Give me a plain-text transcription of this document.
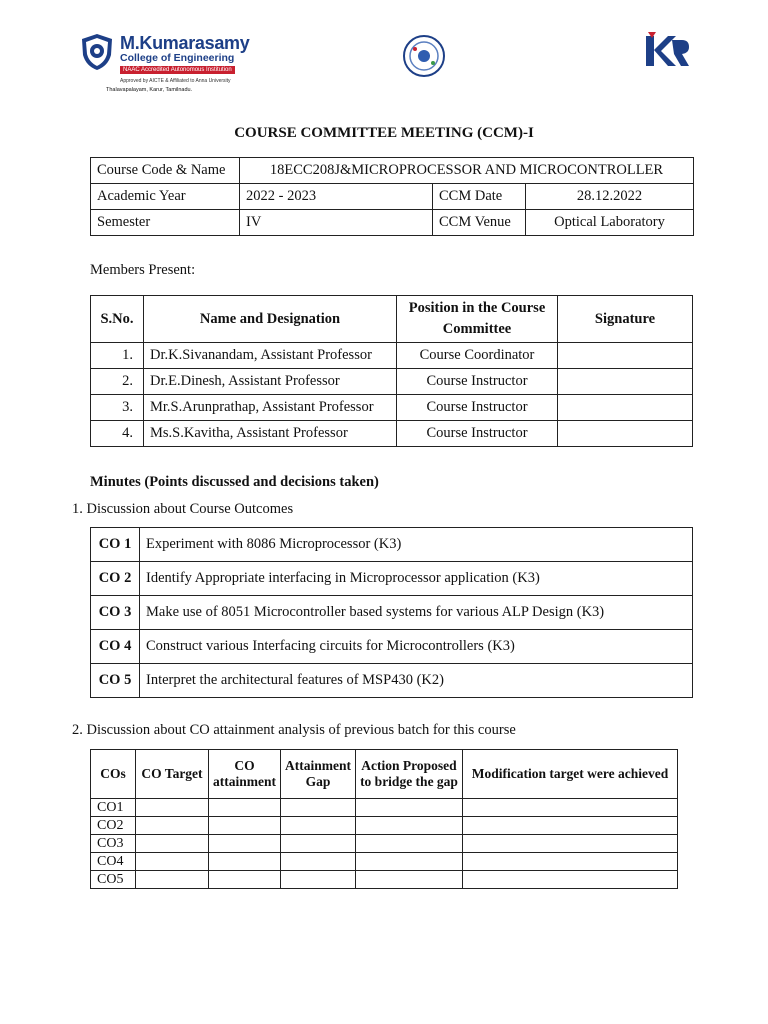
M.Kumarasamy
College of Engineering
NAAC Accredited Autonomous Institution
Approved by AICTE & Affiliated to Anna University
Thalavapalayam, Karur, Tamilnadu.
COURSE COMMITTEE MEETING (CCM)-I
Course Code & Name	18ECC208J&MICROPROCESSOR AND MICROCONTROLLER		
Academic Year	2022 - 2023	CCM Date	28.12.2022
Semester	IV	CCM Venue	Optical Laboratory
Members Present:
S.No.	Name and Designation	Position in the Course Committee	Signature
1.	Dr.K.Sivanandam, Assistant Professor	Course Coordinator	
2.	Dr.E.Dinesh, Assistant Professor	Course Instructor	
3.	Mr.S.Arunprathap, Assistant Professor	Course Instructor	
4.	Ms.S.Kavitha, Assistant Professor	Course Instructor	
Minutes (Points discussed and decisions taken)
1. Discussion about Course Outcomes
CO 1	Experiment with 8086 Microprocessor (K3)
CO 2	Identify Appropriate interfacing in Microprocessor application (K3)
CO 3	Make use of 8051 Microcontroller based systems for various ALP Design (K3)
CO 4	Construct various Interfacing circuits for Microcontrollers (K3)
CO 5	Interpret the architectural features of MSP430 (K2)
2. Discussion about CO attainment analysis of previous batch for this course
COs	CO Target	CO attainment	Attainment Gap	Action Proposed to bridge the gap	Modification target were achieved
CO1					
CO2					
CO3					
CO4					
CO5					
